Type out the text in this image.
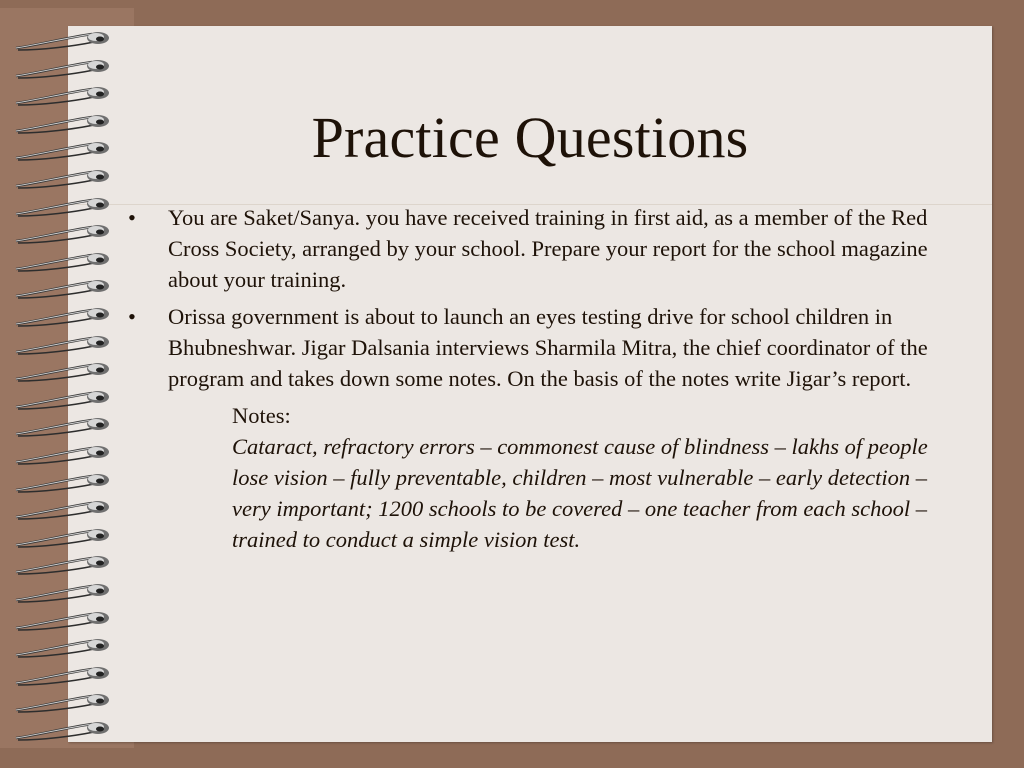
Practice Questions
• You are Saket/Sanya. you have received training in first aid, as a member of the Red Cross Society, arranged by your school. Prepare your report for the school magazine about your training.
• Orissa government is about to launch an eyes testing drive for school children in Bhubneshwar. Jigar Dalsania interviews Sharmila Mitra, the chief coordinator of the program and takes down some notes. On the basis of the notes write Jigar’s report.
Notes:
Cataract, refractory errors – commonest cause of blindness – lakhs of people lose vision – fully preventable, children – most vulnerable – early detection – very important; 1200 schools to be covered – one teacher from each school – trained to conduct a simple vision test.
